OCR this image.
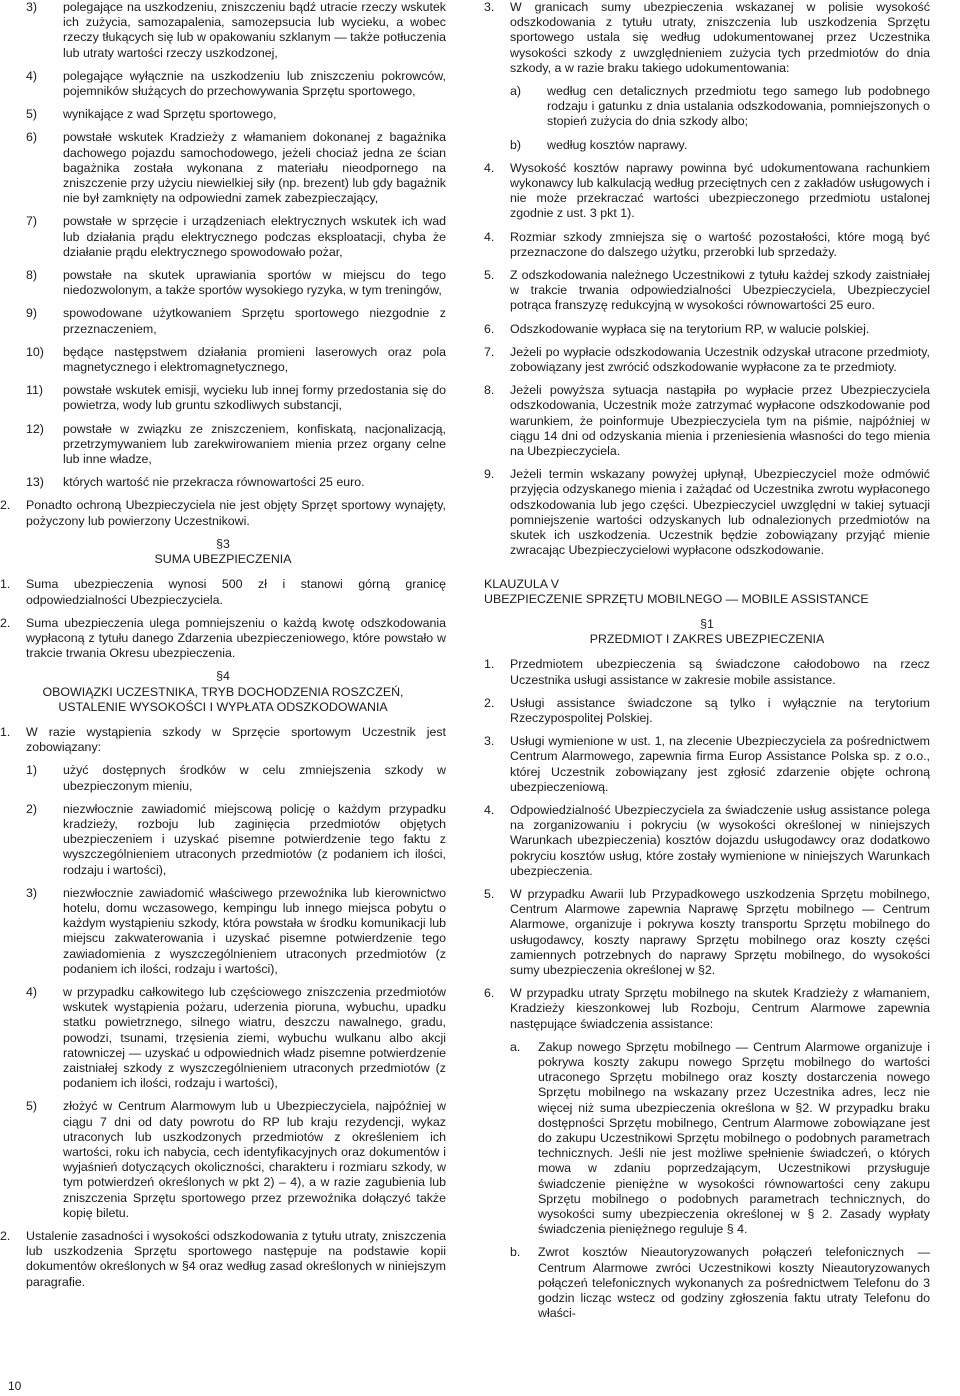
3)	polegające na uszkodzeniu, zniszczeniu bądź utracie rzeczy wskutek ich zużycia, samozapalenia, samozepsucia lub wycieku, a wobec rzeczy tłukących się lub w opakowaniu szklanym — także potłuczenia lub utraty wartości rzeczy uszkodzonej,
4)	polegające wyłącznie na uszkodzeniu lub zniszczeniu pokrowców, pojemników służących do przechowywania Sprzętu sportowego,
5)	wynikające z wad Sprzętu sportowego,
6)	powstałe wskutek Kradzieży z włamaniem dokonanej z bagażnika dachowego pojazdu samochodowego, jeżeli chociaż jedna ze ścian bagażnika została wykonana z materiału nieodpornego na zniszczenie przy użyciu niewielkiej siły (np. brezent) lub gdy bagażnik nie był zamknięty na odpowiedni zamek zabezpieczający,
7)	powstałe w sprzęcie i urządzeniach elektrycznych wskutek ich wad lub działania prądu elektrycznego podczas eksploatacji, chyba że działanie prądu elektrycznego spowodowało pożar,
8)	powstałe na skutek uprawiania sportów w miejscu do tego niedozwolonym, a także sportów wysokiego ryzyka, w tym treningów,
9)	spowodowane użytkowaniem Sprzętu sportowego niezgodnie z przeznaczeniem,
10)	będące następstwem działania promieni laserowych oraz pola magnetycznego i elektromagnetycznego,
11)	powstałe wskutek emisji, wycieku lub innej formy przedostania się do powietrza, wody lub gruntu szkodliwych substancji,
12)	powstałe w związku ze zniszczeniem, konfiskatą, nacjonalizacją, przetrzymywaniem lub zarekwirowaniem mienia przez organy celne lub inne władze,
13)	których wartość nie przekracza równowartości 25 euro.
2.	Ponadto ochroną Ubezpieczyciela nie jest objęty Sprzęt sportowy wynajęty, pożyczony lub powierzony Uczestnikowi.
§3
SUMA UBEZPIECZENIA
1.	Suma ubezpieczenia wynosi 500 zł i stanowi górną granicę odpowiedzialności Ubezpieczyciela.
2.	Suma ubezpieczenia ulega pomniejszeniu o każdą kwotę odszkodowania wypłaconą z tytułu danego Zdarzenia ubezpieczeniowego, które powstało w trakcie trwania Okresu ubezpieczenia.
§4
OBOWIĄZKI UCZESTNIKA, TRYB DOCHODZENIA ROSZCZEŃ,
USTALENIE WYSOKOŚCI I WYPŁATA ODSZKODOWANIA
1.	W razie wystąpienia szkody w Sprzęcie sportowym Uczestnik jest zobowiązany:
1)	użyć dostępnych środków w celu zmniejszenia szkody w ubezpieczonym mieniu,
2)	niezwłocznie zawiadomić miejscową policję o każdym przypadku kradzieży, rozboju lub zaginięcia przedmiotów objętych ubezpieczeniem i uzyskać pisemne potwierdzenie tego faktu z wyszczególnieniem utraconych przedmiotów (z podaniem ich ilości, rodzaju i wartości),
3)	niezwłocznie zawiadomić właściwego przewoźnika lub kierownictwo hotelu, domu wczasowego, kempingu lub innego miejsca pobytu o każdym wystąpieniu szkody, która powstała w środku komunikacji lub miejscu zakwaterowania i uzyskać pisemne potwierdzenie tego zawiadomienia z wyszczególnieniem utraconych przedmiotów (z podaniem ich ilości, rodzaju i wartości),
4)	w przypadku całkowitego lub częściowego zniszczenia przedmiotów wskutek wystąpienia pożaru, uderzenia pioruna, wybuchu, upadku statku powietrznego, silnego wiatru, deszczu nawalnego, gradu, powodzi, tsunami, trzęsienia ziemi, wybuchu wulkanu albo akcji ratowniczej — uzyskać u odpowiednich władz pisemne potwierdzenie zaistniałej szkody z wyszczególnieniem utraconych przedmiotów (z podaniem ich ilości, rodzaju i wartości),
5)	złożyć w Centrum Alarmowym lub u Ubezpieczyciela, najpóźniej w ciągu 7 dni od daty powrotu do RP lub kraju rezydencji, wykaz utraconych lub uszkodzonych przedmiotów z określeniem ich wartości, roku ich nabycia, cech identyfikacyjnych oraz dokumentów i wyjaśnień dotyczących okoliczności, charakteru i rozmiaru szkody, w tym potwierdzeń określonych w pkt 2) – 4), a w razie zagubienia lub zniszczenia Sprzętu sportowego przez przewoźnika dołączyć także kopię biletu.
2.	Ustalenie zasadności i wysokości odszkodowania z tytułu utraty, zniszczenia lub uszkodzenia Sprzętu sportowego następuje na podstawie kopii dokumentów określonych w §4 oraz według zasad określonych w niniejszym paragrafie.
3.	W granicach sumy ubezpieczenia wskazanej w polisie wysokość odszkodowania z tytułu utraty, zniszczenia lub uszkodzenia Sprzętu sportowego ustala się według udokumentowanej przez Uczestnika wysokości szkody z uwzględnieniem zużycia tych przedmiotów do dnia szkody, a w razie braku takiego udokumentowania:
a)	według cen detalicznych przedmiotu tego samego lub podobnego rodzaju i gatunku z dnia ustalania odszkodowania, pomniejszonych o stopień zużycia do dnia szkody albo;
b)	według kosztów naprawy.
4.	Wysokość kosztów naprawy powinna być udokumentowana rachunkiem wykonawcy lub kalkulacją według przeciętnych cen z zakładów usługowych i nie może przekraczać wartości ubezpieczonego przedmiotu ustalonej zgodnie z ust. 3 pkt 1).
4.	Rozmiar szkody zmniejsza się o wartość pozostałości, które mogą być przeznaczone do dalszego użytku, przerobki lub sprzedaży.
5.	Z odszkodowania należnego Uczestnikowi z tytułu każdej szkody zaistniałej w trakcie trwania odpowiedzialności Ubezpieczyciela, Ubezpieczyciel potrąca franszyzę redukcyjną w wysokości równowartości 25 euro.
6.	Odszkodowanie wypłaca się na terytorium RP, w walucie polskiej.
7.	Jeżeli po wypłacie odszkodowania Uczestnik odzyskał utracone przedmioty, zobowiązany jest zwrócić odszkodowanie wypłacone za te przedmioty.
8.	Jeżeli powyższa sytuacja nastąpiła po wypłacie przez Ubezpieczyciela odszkodowania, Uczestnik może zatrzymać wypłacone odszkodowanie pod warunkiem, że poinformuje Ubezpieczyciela tym na piśmie, najpóźniej w ciągu 14 dni od odzyskania mienia i przeniesienia własności do tego mienia na Ubezpieczyciela.
9.	Jeżeli termin wskazany powyżej upłynął, Ubezpieczyciel może odmówić przyjęcia odzyskanego mienia i zażądać od Uczestnika zwrotu wypłaconego odszkodowania lub jego części. Ubezpieczyciel uwzględni w takiej sytuacji pomniejszenie wartości odzyskanych lub odnalezionych przedmiotów na skutek ich uszkodzenia. Uczestnik będzie zobowiązany przyjąć mienie zwracając Ubezpieczycielowi wypłacone odszkodowanie.
KLAUZULA V
UBEZPIECZENIE SPRZĘTU MOBILNEGO — MOBILE ASSISTANCE
§1
PRZEDMIOT I ZAKRES UBEZPIECZENIA
1.	Przedmiotem ubezpieczenia są świadczone całodobowo na rzecz Uczestnika usługi assistance w zakresie mobile assistance.
2.	Usługi assistance świadczone są tylko i wyłącznie na terytorium Rzeczypospolitej Polskiej.
3.	Usługi wymienione w ust. 1, na zlecenie Ubezpieczyciela za pośrednictwem Centrum Alarmowego, zapewnia firma Europ Assistance Polska sp. z o.o., której Uczestnik zobowiązany jest zgłosić zdarzenie objęte ochroną ubezpieczeniową.
4.	Odpowiedzialność Ubezpieczyciela za świadczenie usług assistance polega na zorganizowaniu i pokryciu (w wysokości określonej w niniejszych Warunkach ubezpieczenia) kosztów dojazdu usługodawcy oraz dodatkowo pokryciu kosztów usług, które zostały wymienione w niniejszych Warunkach ubezpieczenia.
5.	W przypadku Awarii lub Przypadkowego uszkodzenia Sprzętu mobilnego, Centrum Alarmowe zapewnia Naprawę Sprzętu mobilnego — Centrum Alarmowe, organizuje i pokrywa koszty transportu Sprzętu mobilnego do usługodawcy, koszty naprawy Sprzętu mobilnego oraz koszty części zamiennych potrzebnych do naprawy Sprzętu mobilnego, do wysokości sumy ubezpieczenia określonej w §2.
6.	W przypadku utraty Sprzętu mobilnego na skutek Kradzieży z włamaniem, Kradzieży kieszonkowej lub Rozboju, Centrum Alarmowe zapewnia następujące świadczenia assistance:
a.	Zakup nowego Sprzętu mobilnego — Centrum Alarmowe organizuje i pokrywa koszty zakupu nowego Sprzętu mobilnego do wartości utraconego Sprzętu mobilnego oraz koszty dostarczenia nowego Sprzętu mobilnego na wskazany przez Uczestnika adres, lecz nie więcej niż suma ubezpieczenia określona w §2. W przypadku braku dostępności Sprzętu mobilnego, Centrum Alarmowe zobowiązane jest do zakupu Uczestnikowi Sprzętu mobilnego o podobnych parametrach technicznych. Jeśli nie jest możliwe spełnienie świadczeń, o których mowa w zdaniu poprzedzającym, Uczestnikowi przysługuje świadczenie pieniężne w wysokości równowartości ceny zakupu Sprzętu mobilnego o podobnych parametrach technicznych, do wysokości sumy ubezpieczenia określonej w § 2. Zasady wypłaty świadczenia pieniężnego reguluje § 4.
b.	Zwrot kosztów Nieautoryzowanych połączeń telefonicznych — Centrum Alarmowe zwróci Uczestnikowi koszty Nieautoryzowanych połączeń telefonicznych wykonanych za pośrednictwem Telefonu do 3 godzin licząc wstecz od godziny zgłoszenia faktu utraty Telefonu do właści-
10
